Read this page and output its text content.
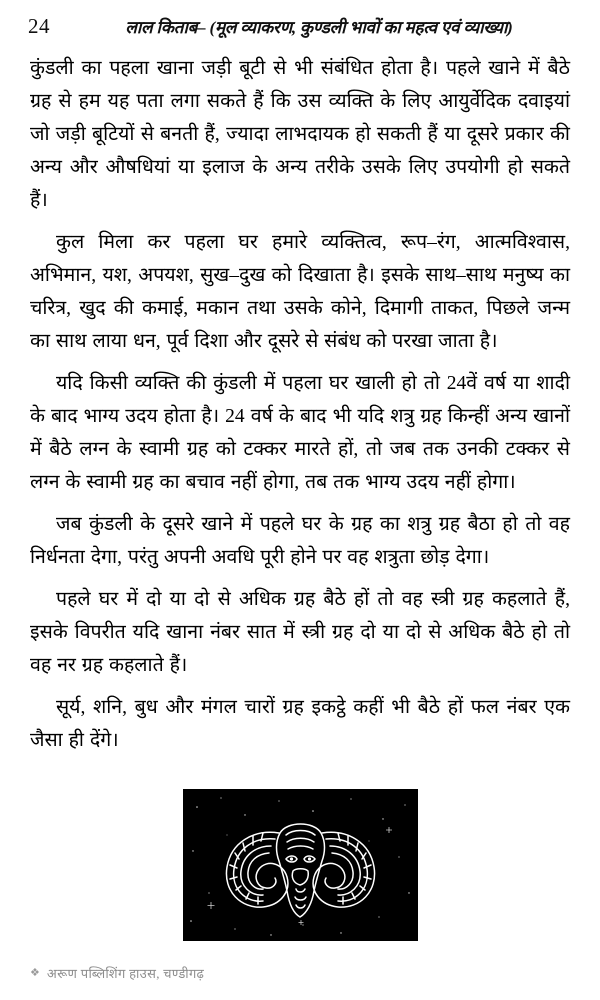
24	लाल किताब– (मूल व्याकरण, कुण्डली भावों का महत्व एवं व्याख्या)

कुंडली का पहला खाना जड़ी बूटी से भी संबंधित होता है। पहले खाने में बैठे ग्रह से हम यह पता लगा सकते हैं कि उस व्यक्ति के लिए आयुर्वेदिक दवाइयां जो जड़ी बूटियों से बनती हैं, ज्यादा लाभदायक हो सकती हैं या दूसरे प्रकार की अन्य और औषधियां या इलाज के अन्य तरीके उसके लिए उपयोगी हो सकते हैं।

कुल मिला कर पहला घर हमारे व्यक्तित्व, रूप–रंग, आत्मविश्वास, अभिमान, यश, अपयश, सुख–दुख को दिखाता है। इसके साथ–साथ मनुष्य का चरित्र, खुद की कमाई, मकान तथा उसके कोने, दिमागी ताकत, पिछले जन्म का साथ लाया धन, पूर्व दिशा और दूसरे से संबंध को परखा जाता है।

यदि किसी व्यक्ति की कुंडली में पहला घर खाली हो तो 24वें वर्ष या शादी के बाद भाग्य उदय होता है। 24 वर्ष के बाद भी यदि शत्रु ग्रह किन्हीं अन्य खानों में बैठे लग्न के स्वामी ग्रह को टक्कर मारते हों, तो जब तक उनकी टक्कर से लग्न के स्वामी ग्रह का बचाव नहीं होगा, तब तक भाग्य उदय नहीं होगा।

जब कुंडली के दूसरे खाने में पहले घर के ग्रह का शत्रु ग्रह बैठा हो तो वह निर्धनता देगा, परंतु अपनी अवधि पूरी होने पर वह शत्रुता छोड़ देगा।

पहले घर में दो या दो से अधिक ग्रह बैठे हों तो वह स्त्री ग्रह कहलाते हैं, इसके विपरीत यदि खाना नंबर सात में स्त्री ग्रह दो या दो से अधिक बैठे हो तो वह नर ग्रह कहलाते हैं।

सूर्य, शनि, बुध और मंगल चारों ग्रह इकट्ठे कहीं भी बैठे हों फल नंबर एक जैसा ही देंगे।

❖ अरूण पब्लिशिंग हाउस, चण्डीगढ़
